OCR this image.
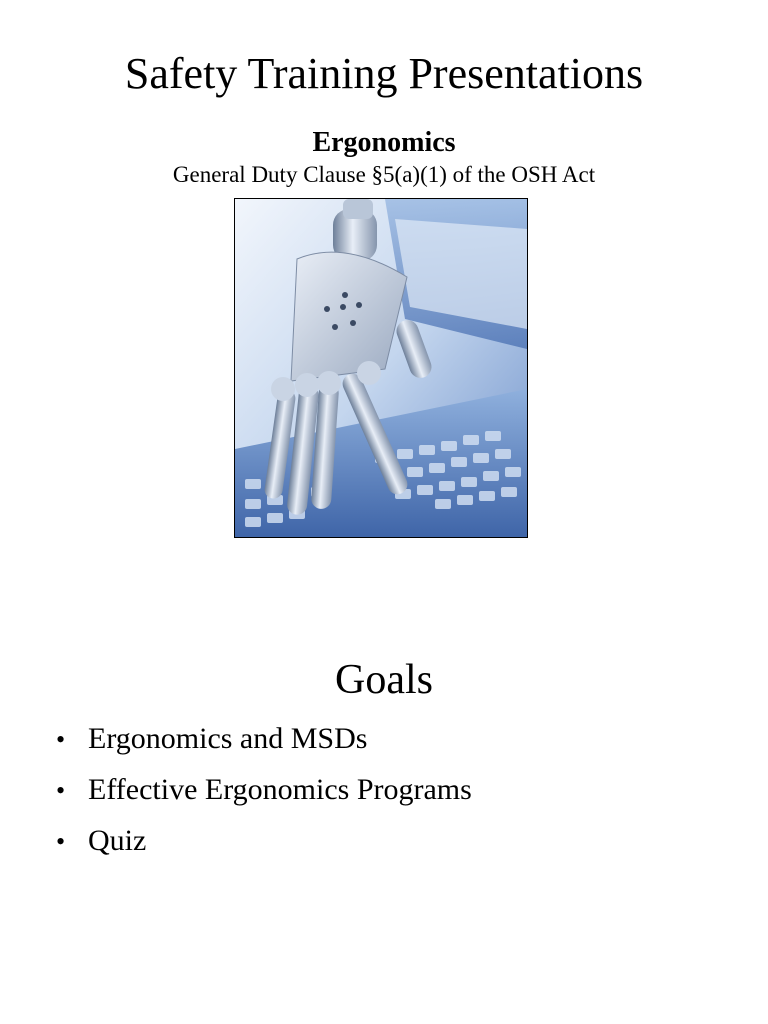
Safety Training Presentations
Ergonomics
General Duty Clause §5(a)(1) of the OSH Act
Goals
• Ergonomics and MSDs
• Effective Ergonomics Programs
• Quiz
